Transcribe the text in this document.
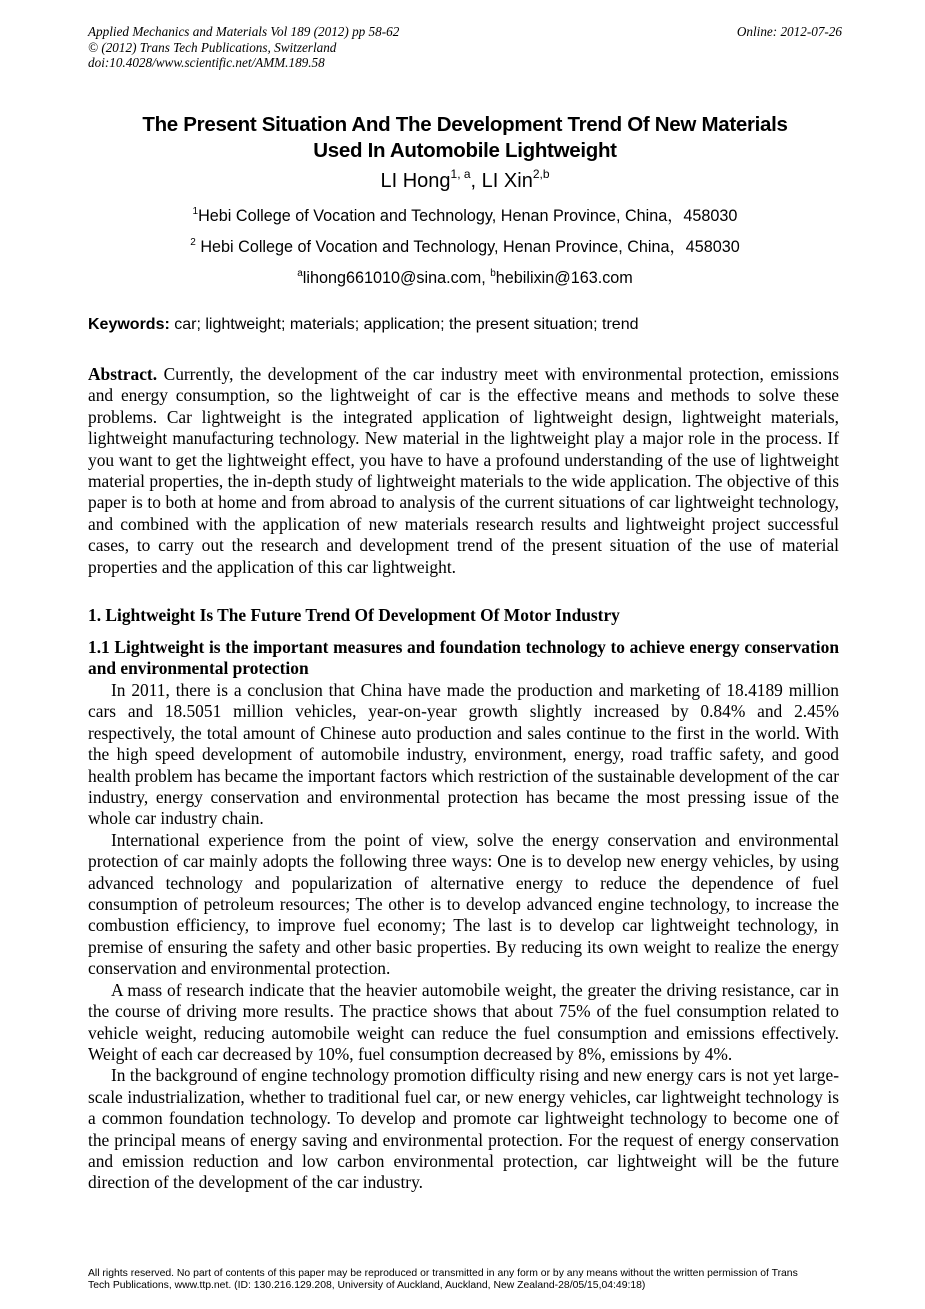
Applied Mechanics and Materials Vol 189 (2012) pp 58-62	Online: 2012-07-26
© (2012) Trans Tech Publications, Switzerland
doi:10.4028/www.scientific.net/AMM.189.58
The Present Situation And The Development Trend Of New Materials
Used In Automobile Lightweight
LI Hong$^{1, a}$, LI Xin$^{2,b}$
$^1$Hebi College of Vocation and Technology, Henan Province, China，458030
$^2$ Hebi College of Vocation and Technology, Henan Province, China，458030
$^a$lihong661010@sina.com, $^b$hebilixin@163.com
Keywords: car; lightweight; materials; application; the present situation; trend

Abstract. Currently, the development of the car industry meet with environmental protection, emissions and energy consumption, so the lightweight of car is the effective means and methods to solve these problems. Car lightweight is the integrated application of lightweight design, lightweight materials, lightweight manufacturing technology. New material in the lightweight play a major role in the process. If you want to get the lightweight effect, you have to have a profound understanding of the use of lightweight material properties, the in-depth study of lightweight materials to the wide application. The objective of this paper is to both at home and from abroad to analysis of the current situations of car lightweight technology, and combined with the application of new materials research results and lightweight project successful cases, to carry out the research and development trend of the present situation of the use of material properties and the application of this car lightweight.

1. Lightweight Is The Future Trend Of Development Of Motor Industry
1.1 Lightweight is the important measures and foundation technology to achieve energy conservation and environmental protection

In 2011, there is a conclusion that China have made the production and marketing of 18.4189 million cars and 18.5051 million vehicles, year-on-year growth slightly increased by 0.84% and 2.45% respectively, the total amount of Chinese auto production and sales continue to the first in the world. With the high speed development of automobile industry, environment, energy, road traffic safety, and good health problem has became the important factors which restriction of the sustainable development of the car industry, energy conservation and environmental protection has became the most pressing issue of the whole car industry chain.

International experience from the point of view, solve the energy conservation and environmental protection of car mainly adopts the following three ways: One is to develop new energy vehicles, by using advanced technology and popularization of alternative energy to reduce the dependence of fuel consumption of petroleum resources; The other is to develop advanced engine technology, to increase the combustion efficiency, to improve fuel economy; The last is to develop car lightweight technology, in premise of ensuring the safety and other basic properties. By reducing its own weight to realize the energy conservation and environmental protection.

A mass of research indicate that the heavier automobile weight, the greater the driving resistance, car in the course of driving more results. The practice shows that about 75% of the fuel consumption related to vehicle weight, reducing automobile weight can reduce the fuel consumption and emissions effectively. Weight of each car decreased by 10%, fuel consumption decreased by 8%, emissions by 4%.

In the background of engine technology promotion difficulty rising and new energy cars is not yet large-scale industrialization, whether to traditional fuel car, or new energy vehicles, car lightweight technology is a common foundation technology. To develop and promote car lightweight technology to become one of the principal means of energy saving and environmental protection. For the request of energy conservation and emission reduction and low carbon environmental protection, car lightweight will be the future direction of the development of the car industry.

All rights reserved. No part of contents of this paper may be reproduced or transmitted in any form or by any means without the written permission of Trans
Tech Publications, www.ttp.net. (ID: 130.216.129.208, University of Auckland, Auckland, New Zealand-28/05/15,04:49:18)
